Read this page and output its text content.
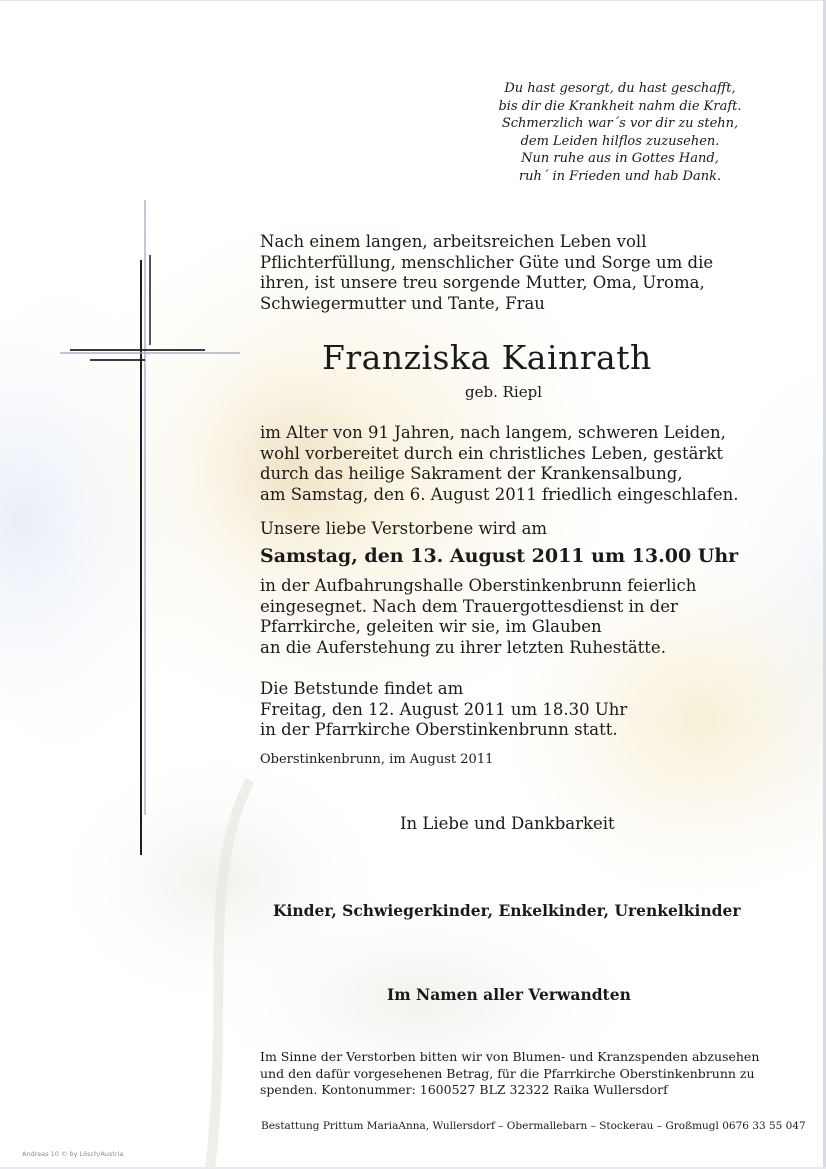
Du hast gesorgt, du hast geschafft,
bis dir die Krankheit nahm die Kraft.
Schmerzlich war´s vor dir zu stehn,
dem Leiden hilflos zuzusehen.
Nun ruhe aus in Gottes Hand,
ruh´ in Frieden und hab Dank.
Nach einem langen, arbeitsreichen Leben voll
Pflichterfüllung, menschlicher Güte und Sorge um die
ihren, ist unsere treu sorgende Mutter, Oma, Uroma,
Schwiegermutter und Tante, Frau
Franziska Kainrath
geb. Riepl
im Alter von 91 Jahren, nach langem, schweren Leiden,
wohl vorbereitet durch ein christliches Leben, gestärkt
durch das heilige Sakrament der Krankensalbung,
am Samstag, den 6. August 2011 friedlich eingeschlafen.
Unsere liebe Verstorbene wird am
Samstag, den 13. August 2011 um 13.00 Uhr
in der Aufbahrungshalle Oberstinkenbrunn feierlich
eingesegnet. Nach dem Trauergottesdienst in der
Pfarrkirche, geleiten wir sie, im Glauben
an die Auferstehung zu ihrer letzten Ruhestätte.
Die Betstunde findet am
Freitag, den 12. August 2011 um 18.30 Uhr
in der Pfarrkirche Oberstinkenbrunn statt.
Oberstinkenbrunn, im August 2011
In Liebe und Dankbarkeit
Kinder, Schwiegerkinder, Enkelkinder, Urenkelkinder
Im Namen aller Verwandten
Im Sinne der Verstorben bitten wir von Blumen- und Kranzspenden abzusehen
und den dafür vorgesehenen Betrag, für die Pfarrkirche Oberstinkenbrunn zu
spenden. Kontonummer: 1600527 BLZ 32322 Raika Wullersdorf
Bestattung Prittum MariaAnna, Wullersdorf – Obermallebarn – Stockerau – Großmugl 0676 33 55 047
Andreas 10 © by Lösch/Austria
